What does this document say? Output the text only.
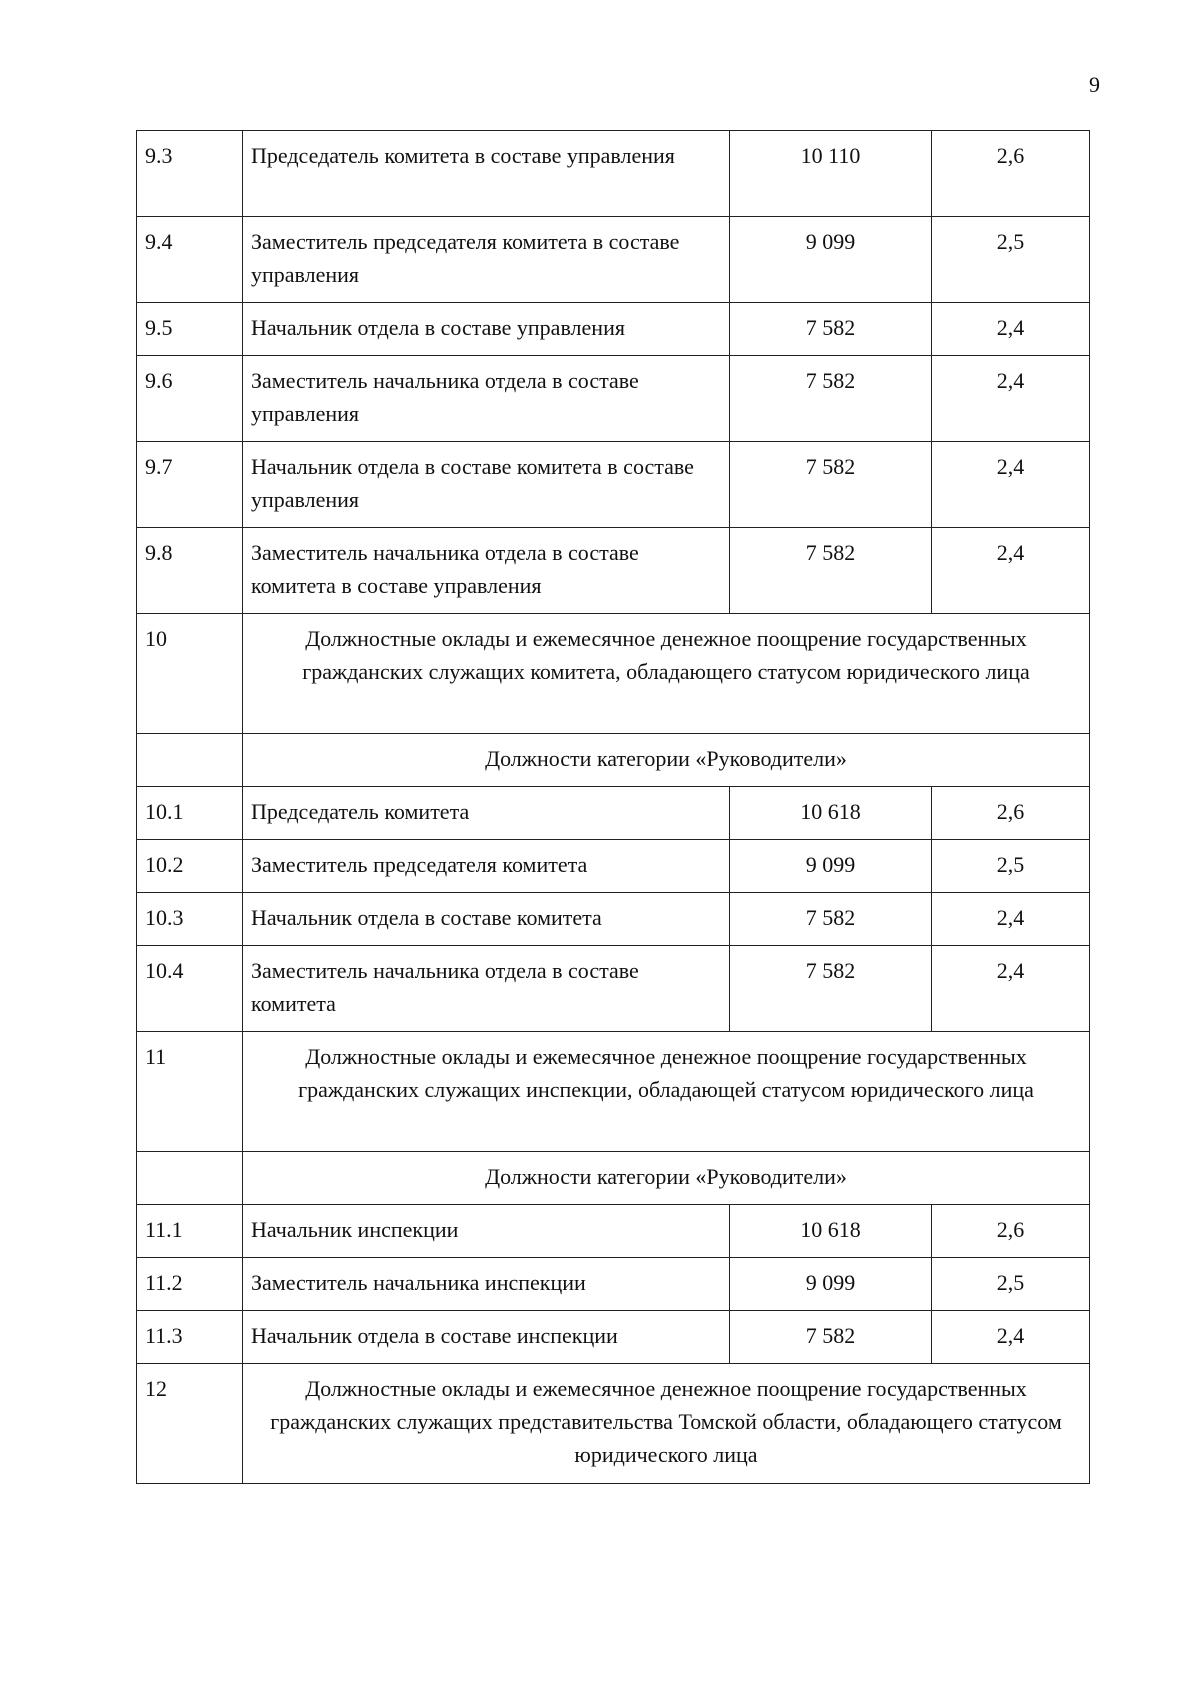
9
9.3	Председатель комитета в составе управления	10 110	2,6
9.4	Заместитель председателя комитета в составе управления	9 099	2,5
9.5	Начальник отдела в составе управления	7 582	2,4
9.6	Заместитель начальника отдела в составе управления	7 582	2,4
9.7	Начальник отдела в составе комитета в составе управления	7 582	2,4
9.8	Заместитель начальника отдела в составе комитета в составе управления	7 582	2,4
10	Должностные оклады и ежемесячное денежное поощрение государственных гражданских служащих комитета, обладающего статусом юридического лица		
	Должности категории «Руководители»		
10.1	Председатель комитета	10 618	2,6
10.2	Заместитель председателя комитета	9 099	2,5
10.3	Начальник отдела в составе комитета	7 582	2,4
10.4	Заместитель начальника отдела в составе комитета	7 582	2,4
11	Должностные оклады и ежемесячное денежное поощрение государственных гражданских служащих инспекции, обладающей статусом юридического лица		
	Должности категории «Руководители»		
11.1	Начальник инспекции	10 618	2,6
11.2	Заместитель начальника инспекции	9 099	2,5
11.3	Начальник отдела в составе инспекции	7 582	2,4
12	Должностные оклады и ежемесячное денежное поощрение государственных гражданских служащих представительства Томской области, обладающего статусом юридического лица		
